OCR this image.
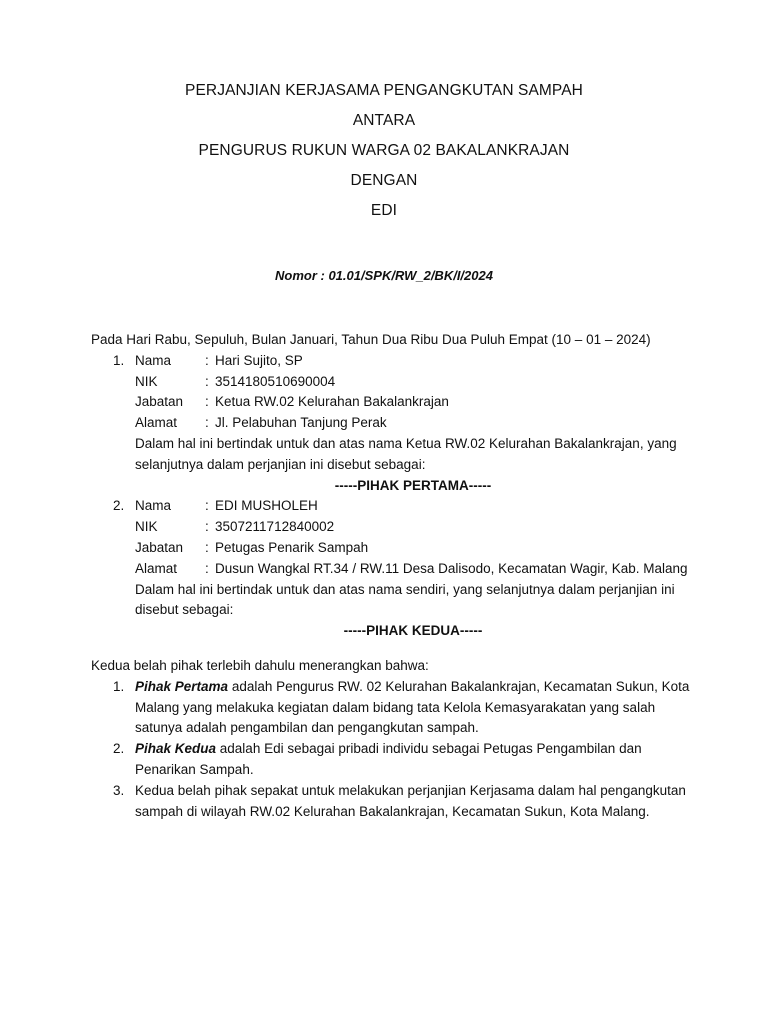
PERJANJIAN KERJASAMA PENGANGKUTAN SAMPAH
ANTARA
PENGURUS RUKUN WARGA 02 BAKALANKRAJAN
DENGAN
EDI
Nomor : 01.01/SPK/RW_2/BK/I/2024

Pada Hari Rabu, Sepuluh, Bulan Januari, Tahun Dua Ribu Dua Puluh Empat (10 – 01 – 2024)

1. Nama	: Hari Sujito, SP
NIK	: 3514180510690004
Jabatan	: Ketua RW.02 Kelurahan Bakalankrajan
Alamat	: Jl. Pelabuhan Tanjung Perak

Dalam hal ini bertindak untuk dan atas nama Ketua RW.02 Kelurahan Bakalankrajan, yang selanjutnya dalam perjanjian ini disebut sebagai:

-----PIHAK PERTAMA-----
2. Nama	: EDI MUSHOLEH
NIK	: 3507211712840002
Jabatan	: Petugas Penarik Sampah
Alamat	: Dusun Wangkal RT.34 / RW.11 Desa Dalisodo, Kecamatan Wagir, Kab. Malang

Dalam hal ini bertindak untuk dan atas nama sendiri, yang selanjutnya dalam perjanjian ini disebut sebagai:

-----PIHAK KEDUA-----

Kedua belah pihak terlebih dahulu menerangkan bahwa:

1. Pihak Pertama adalah Pengurus RW. 02 Kelurahan Bakalankrajan, Kecamatan Sukun, Kota Malang yang melakuka kegiatan dalam bidang tata Kelola Kemasyarakatan yang salah satunya adalah pengambilan dan pengangkutan sampah.
2. Pihak Kedua adalah Edi sebagai pribadi individu sebagai Petugas Pengambilan dan Penarikan Sampah.
3. Kedua belah pihak sepakat untuk melakukan perjanjian Kerjasama dalam hal pengangkutan sampah di wilayah RW.02 Kelurahan Bakalankrajan, Kecamatan Sukun, Kota Malang.
